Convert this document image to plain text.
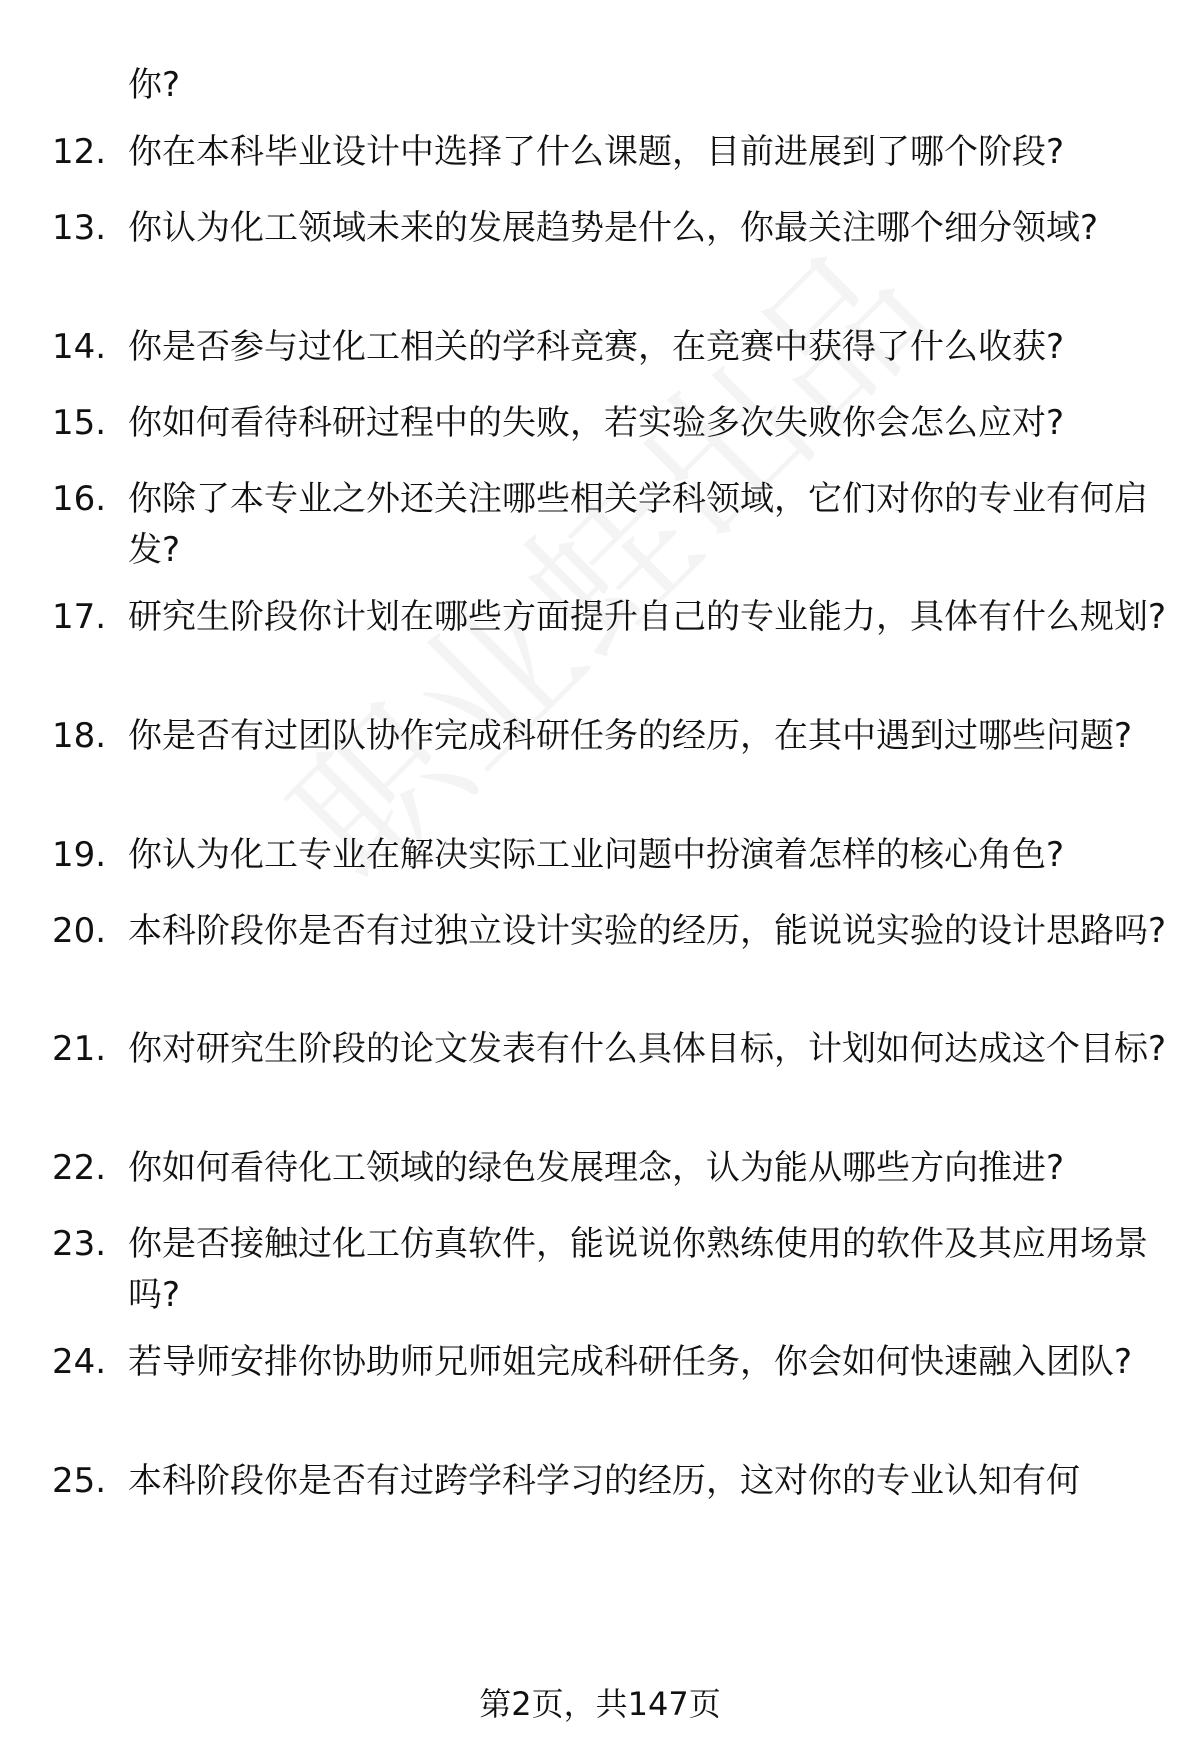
你?
12. 你在本科毕业设计中选择了什么课题，目前进展到了哪个阶段?
13. 你认为化工领域未来的发展趋势是什么，你最关注哪个细分领域?
14. 你是否参与过化工相关的学科竞赛，在竞赛中获得了什么收获?
15. 你如何看待科研过程中的失败，若实验多次失败你会怎么应对?
16. 你除了本专业之外还关注哪些相关学科领域，它们对你的专业有何启发?
17. 研究生阶段你计划在哪些方面提升自己的专业能力，具体有什么规划?
18. 你是否有过团队协作完成科研任务的经历，在其中遇到过哪些问题?
19. 你认为化工专业在解决实际工业问题中扮演着怎样的核心角色?
20. 本科阶段你是否有过独立设计实验的经历，能说说实验的设计思路吗?
21. 你对研究生阶段的论文发表有什么具体目标，计划如何达成这个目标?
22. 你如何看待化工领域的绿色发展理念，认为能从哪些方向推进?
23. 你是否接触过化工仿真软件，能说说你熟练使用的软件及其应用场景吗?
24. 若导师安排你协助师兄师姐完成科研任务，你会如何快速融入团队?
25. 本科阶段你是否有过跨学科学习的经历，这对你的专业认知有何
第2页，共147页
